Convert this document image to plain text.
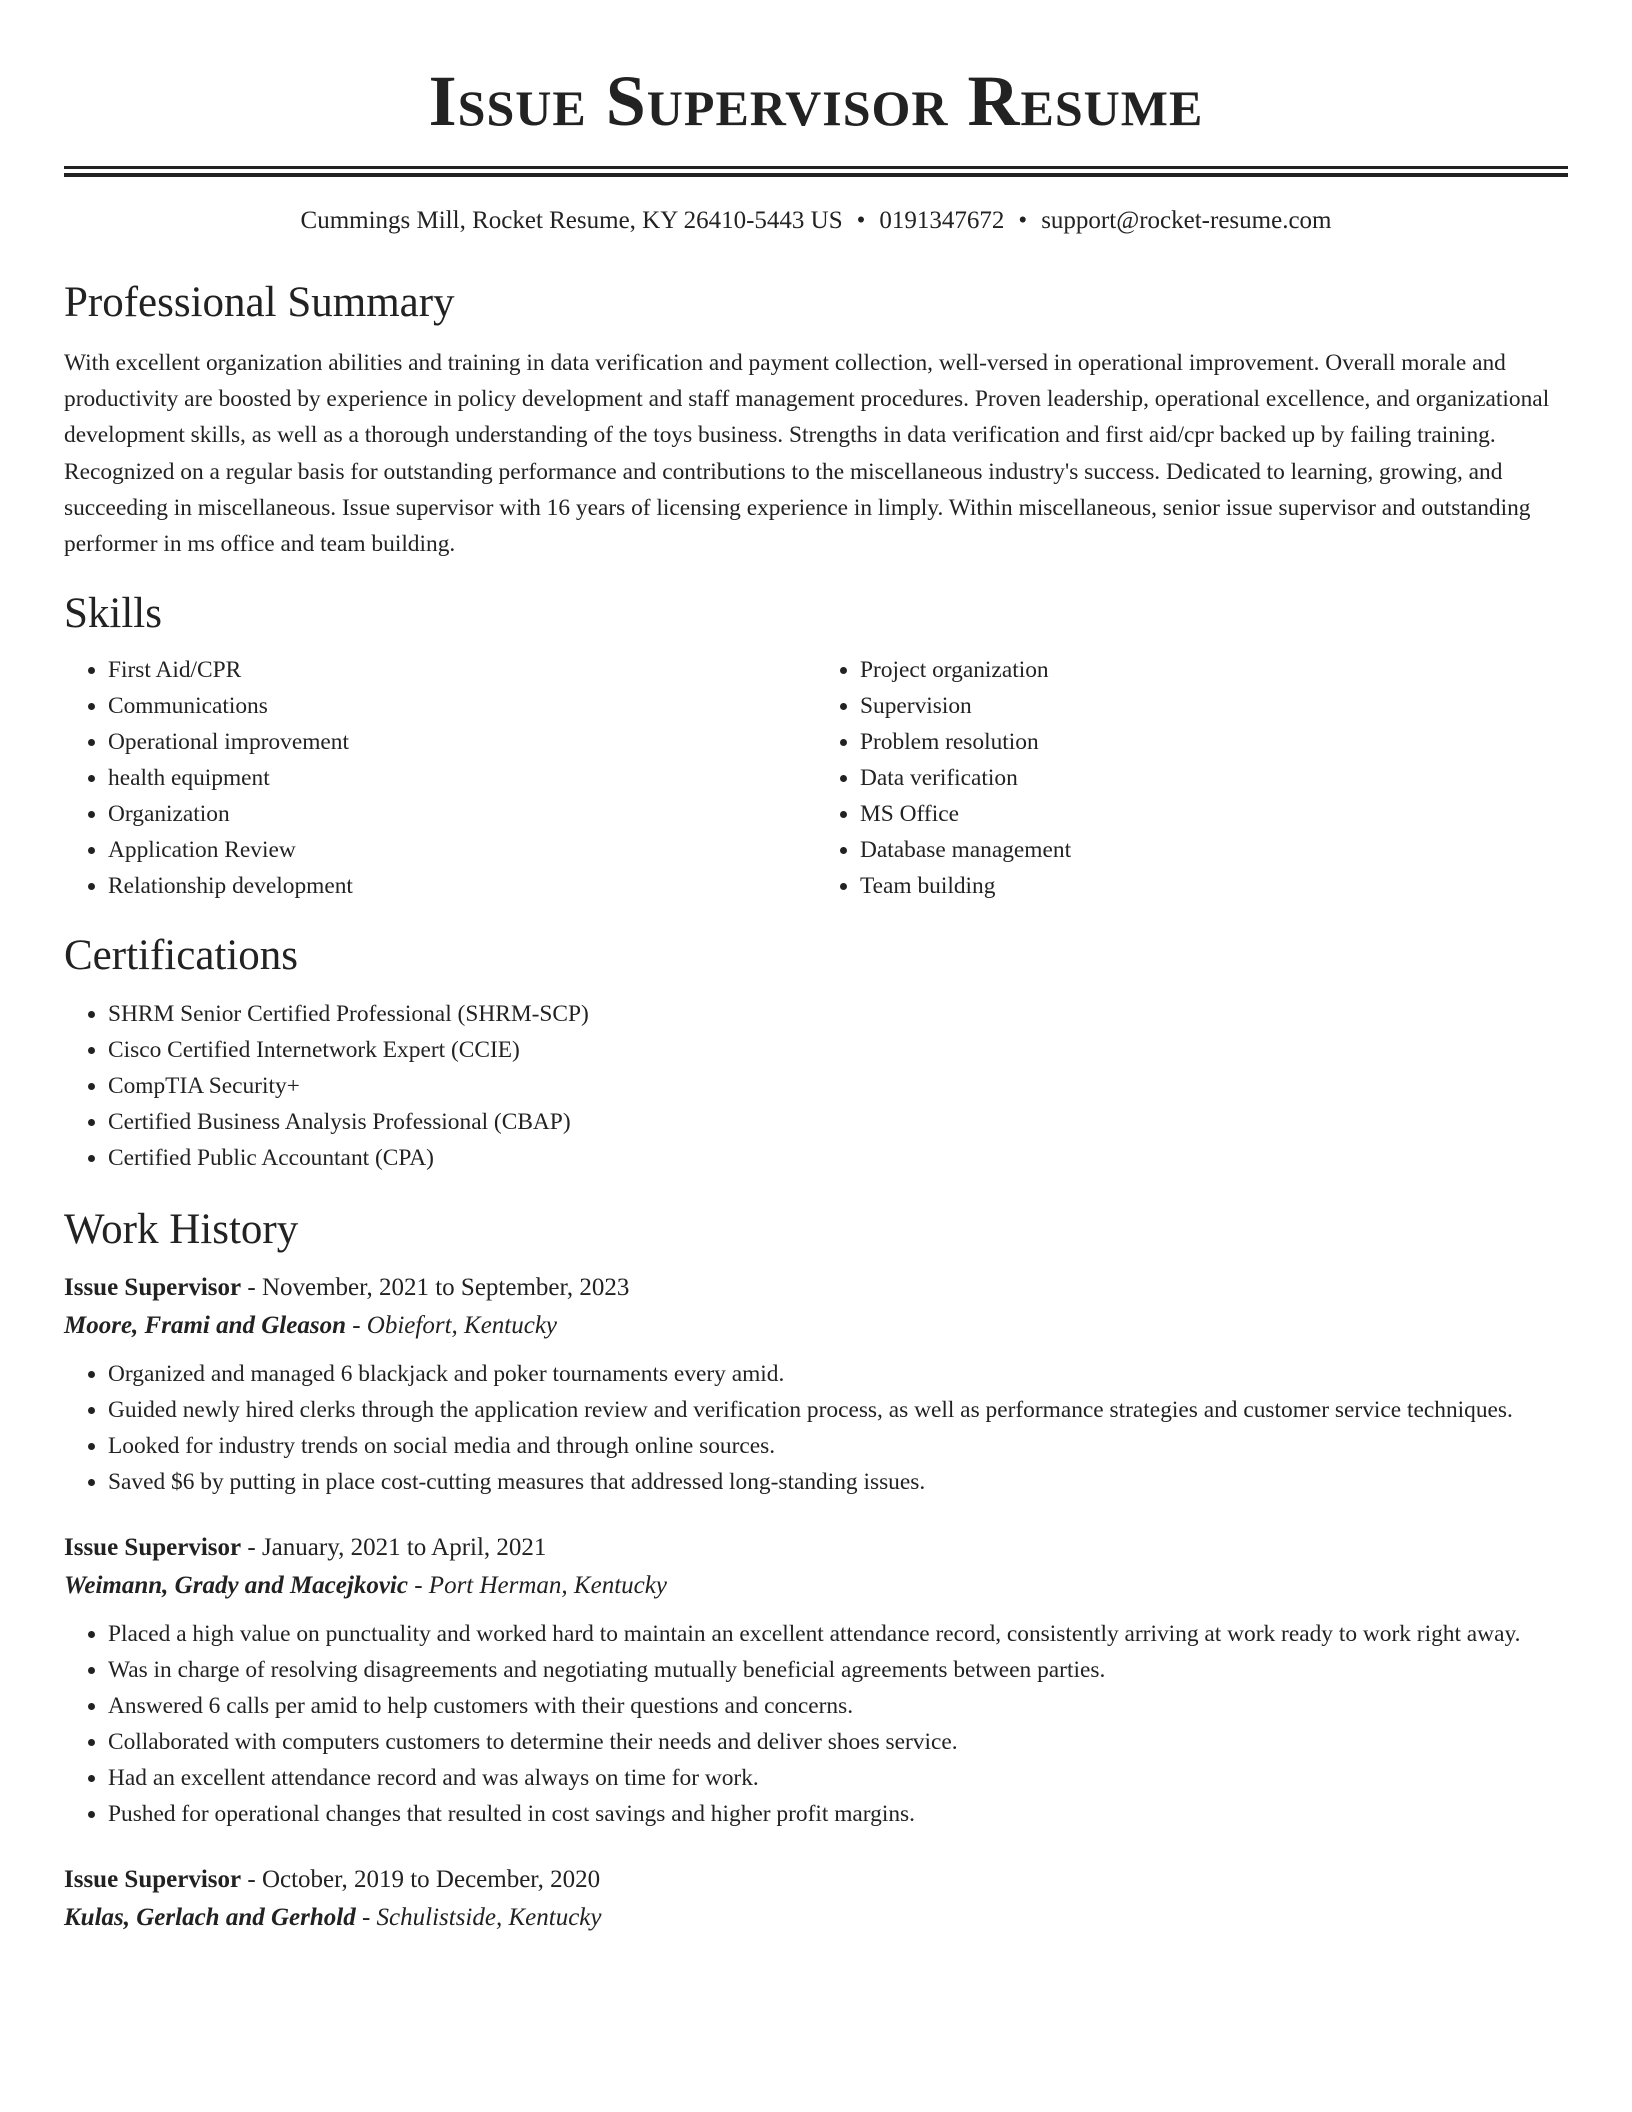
Issue Supervisor Resume
Cummings Mill, Rocket Resume, KY 26410-5443 US • 0191347672 • support@rocket-resume.com
Professional Summary

With excellent organization abilities and training in data verification and payment collection, well-versed in operational improvement. Overall morale and productivity are boosted by experience in policy development and staff management procedures. Proven leadership, operational excellence, and organizational development skills, as well as a thorough understanding of the toys business. Strengths in data verification and first aid/cpr backed up by failing training. Recognized on a regular basis for outstanding performance and contributions to the miscellaneous industry's success. Dedicated to learning, growing, and succeeding in miscellaneous. Issue supervisor with 16 years of licensing experience in limply. Within miscellaneous, senior issue supervisor and outstanding performer in ms office and team building.

Skills
• First Aid/CPR
• Communications
• Operational improvement
• health equipment
• Organization
• Application Review
• Relationship development
• Project organization
• Supervision
• Problem resolution
• Data verification
• MS Office
• Database management
• Team building
Certifications
• SHRM Senior Certified Professional (SHRM-SCP)
• Cisco Certified Internetwork Expert (CCIE)
• CompTIA Security+
• Certified Business Analysis Professional (CBAP)
• Certified Public Accountant (CPA)
Work History
Issue Supervisor - November, 2021 to September, 2023
Moore, Frami and Gleason - Obiefort, Kentucky
• Organized and managed 6 blackjack and poker tournaments every amid.
• Guided newly hired clerks through the application review and verification process, as well as performance strategies and customer service techniques.
• Looked for industry trends on social media and through online sources.
• Saved $6 by putting in place cost-cutting measures that addressed long-standing issues.
Issue Supervisor - January, 2021 to April, 2021
Weimann, Grady and Macejkovic - Port Herman, Kentucky
• Placed a high value on punctuality and worked hard to maintain an excellent attendance record, consistently arriving at work ready to work right away.
• Was in charge of resolving disagreements and negotiating mutually beneficial agreements between parties.
• Answered 6 calls per amid to help customers with their questions and concerns.
• Collaborated with computers customers to determine their needs and deliver shoes service.
• Had an excellent attendance record and was always on time for work.
• Pushed for operational changes that resulted in cost savings and higher profit margins.
Issue Supervisor - October, 2019 to December, 2020
Kulas, Gerlach and Gerhold - Schulistside, Kentucky
